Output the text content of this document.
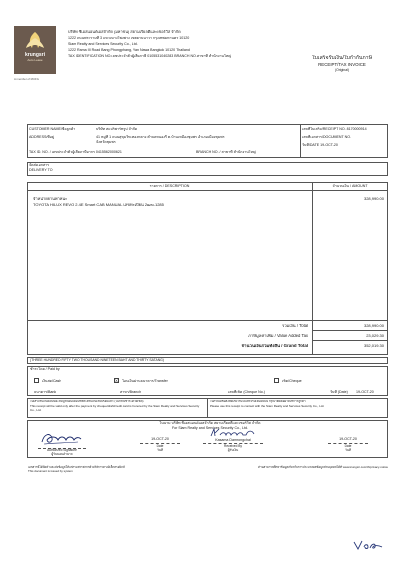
krungsri
Auto Lease
A member of MUFG
บริษัท ซีเอสแอนด์เอสจำกัด (มหาชน) สยามเรียลตี้และเซอร์วิส จำกัด
1222 ถนนพระรามที่ 3 แขวงบางโพงพาง เขตยานนาวา กรุงเทพมหานคร 10120
Siam Realty and Services Security Co., Ltd.
1222 Rama III Road Bang Phongphang, Yan Nawa Bangkok 10120 Thailand
TAX IDENTIFICATION NO.เลขประจำตัวผู้เสียภาษี 0105531040283 BRANCH NO.สาขาที่ สำนักงานใหญ่	ใบเสร็จรับเงิน/ใบกำกับภาษี
RECEIPT/TAX INVOICE
(Original)
CUSTOMER NAME/ชื่อลูกค้า	บริษัท สแปร์พาร์ทรูป จำกัด
ADDRESS/ที่อยู่	41 หมู่ที่ 1 ถนนสุขุมวิท-ทองหลาง ตำบลหนองรี ต.บ้านเหมืองชุมพร อำเภอเมืองชุมพร
จังหวัดชุมพร
TAX ID. NO. / เลขประจำตัวผู้เสียภาษีอากร 0415562000621	BRANCH NO. / สาขาที่ สำนักงานใหญ่
เลขที่ใบเสร็จ/RECEIPT NO. 8170000914
เลขที่เอกสาร/DOCUMENT NO.
วันที่/DATE 19-OCT-20
จัดส่งเอกสาร
DELIVERY TO
รายการ / DESCRIPTION	จำนวนเงิน / AMOUNT
จำหน่ายยานพาหนะ
TOYOTA HILUX REVO 2.4E Smart CAB MANUAL เลขทะเบียน 2ฒฆ-1285
328,990.00
รวมเงิน / Total	328,990.00
ภาษีมูลค่าเพิ่ม / Value Added Tax	23,029.30
จำนวนเงินรวมทั้งสิ้น / Grand Total	352,019.30
(THREE HUNDRED FIFTY TWO THOUSAND NINETEEN BAHT AND THIRTY SATANG)
ชำระโดย / Paid by
เงินสด/Cash	X	โอนเงินผ่านธนาคาร/Transfer	เช็ค/Cheque
ธนาคาร/Bank	สาขา/Branch	เลขที่เช็ค (Cheque No.)	วันที่ (Date) 19-OCT-20
ใบเสร็จรับเงินฉบับนี้จะสมบูรณ์ต่อเมื่อบริษัทได้รับเงินเรียบร้อยแล้ว (ในกรณีชำระด้วยเช็ค)
This receipt will be valid only after the payment by cheque/draft/credit card is honored by the Siam Realty and Services Security Co., Ltd.
ในกรณีมีข้อสงสัยเกี่ยวกับใบเสร็จรับเงินฉบับนี้ กรุณาติดต่อฝ่ายบริการลูกค้า
Please use this receipt to contact with the Siam Realty and Services Security Co., Ltd.
ในนาม บริษัท ซีเอสแอนด์เอสจำกัด สยามเรียลตี้และเซอร์วิส จำกัด
For Siam Realty and Services Security Co., Ltd.
Authorized Signature
ผู้รับมอบอำนาจ
19-OCT-20
Date
วันที่
Kasama Damrongchai
Received By
ผู้รับเงิน
19-OCT-20
Date
วันที่
เอกสารนี้ได้จัดทำและส่งข้อมูลให้แก่กรมสรรพากรด้วยวิธีการทางอิเล็กทรอนิกส์
This document is issued by system
ท่านสามารถศึกษาข้อมูลเกี่ยวกับการประมวลผลข้อมูลส่วนบุคคลได้ที่ www.krungsri.com/th/privacy-notice
